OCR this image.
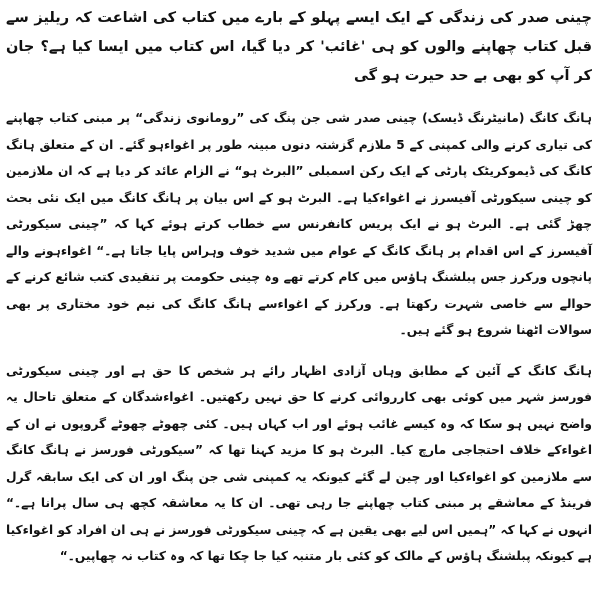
چینی صدر کی زندگی کے ایک ایسے پہلو کے بارے میں کتاب کی اشاعت کہ ریلیز سے قبل کتاب چھاپنے والوں کو ہی 'غائب' کر دیا گیا، اس کتاب میں ایسا کیا ہے؟ جان کر آپ کو بھی بے حد حیرت ہو گی

ہانگ کانگ (مانیٹرنگ ڈیسک) چینی صدر شی جن پنگ کی ”رومانوی زندگی“ پر مبنی کتاب چھاپنے کی تیاری کرنے والی کمپنی کے 5 ملازم گزشتہ دنوں مبینہ طور پر اغواءہو گئے۔ ان کے متعلق ہانگ کانگ کی ڈیموکریٹک پارٹی کے ایک رکن اسمبلی ”البرٹ ہو“ نے الزام عائد کر دیا ہے کہ ان ملازمین کو چینی سیکورٹی آفیسرز نے اغواءکیا ہے۔ البرٹ ہو کے اس بیان پر ہانگ کانگ میں ایک نئی بحث چھڑ گئی ہے۔ البرٹ ہو نے ایک پریس کانفرنس سے خطاب کرتے ہوئے کہا کہ ”چینی سیکورٹی آفیسرز کے اس اقدام پر ہانگ کانگ کے عوام میں شدید خوف وہراس پایا جاتا ہے۔“ اغواءہونے والے پانچوں ورکرز جس پبلشنگ ہاﺅس میں کام کرتے تھے وہ چینی حکومت پر تنقیدی کتب شائع کرنے کے حوالے سے خاصی شہرت رکھتا ہے۔ ورکرز کے اغواءسے ہانگ کانگ کی نیم خود مختاری پر بھی سوالات اٹھنا شروع ہو گئے ہیں۔

ہانگ کانگ کے آئین کے مطابق وہاں آزادی اظہار رائے ہر شخص کا حق ہے اور چینی سیکورٹی فورسز شہر میں کوئی بھی کارروائی کرنے کا حق نہیں رکھتیں۔ اغواءشدگان کے متعلق تاحال یہ واضح نہیں ہو سکا کہ وہ کیسے غائب ہوئے اور اب کہاں ہیں۔ کئی چھوٹے چھوٹے گروپوں نے ان کے اغواءکے خلاف احتجاجی مارچ کیا۔ البرٹ ہو کا مزید کہنا تھا کہ ”سیکورٹی فورسز نے ہانگ کانگ سے ملازمین کو اغواءکیا اور چین لے گئے کیونکہ یہ کمپنی شی جن پنگ اور ان کی ایک سابقہ گرل فرینڈ کے معاشقے پر مبنی کتاب چھاپنے جا رہی تھی۔ ان کا یہ معاشقہ کچھ ہی سال پرانا ہے۔“ انہوں نے کہا کہ ”ہمیں اس لیے بھی یقین ہے کہ چینی سیکورٹی فورسز نے ہی ان افراد کو اغواءکیا ہے کیونکہ پبلشنگ ہاﺅس کے مالک کو کئی بار متنبہ کیا جا چکا تھا کہ وہ کتاب نہ چھاپیں۔“
